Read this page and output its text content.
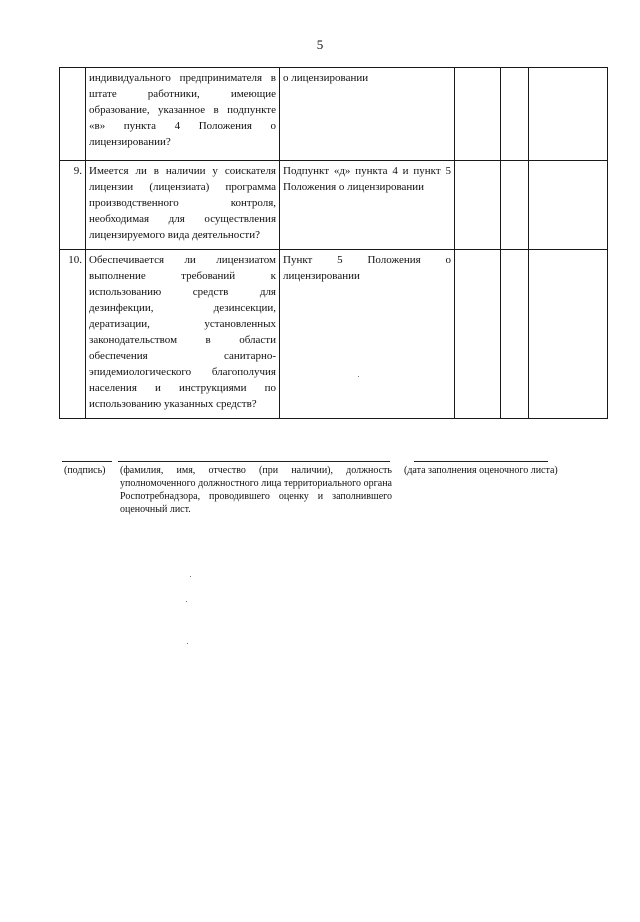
5
	индивидуального предпринимателя в штате работники, имеющие образование, указанное в подпункте «в» пункта 4 Положения о лицензировании?	о лицензировании			
9.	Имеется ли в наличии у соискателя лицензии (лицензиата) программа производственного контроля, необходимая для осуществления лицензируемого вида деятельности?	Подпункт «д» пункта 4 и пункт 5 Положения о лицензировании			
10.	Обеспечивается ли лицензиатом выполнение требований к использованию средств для дезинфекции, дезинсекции, дератизации, установленных законодательством в области обеспечения санитарно-эпидемиологического благополучия населения и инструкциями по использованию указанных средств?	Пункт 5 Положения о лицензировании			
(подпись) (фамилия, имя, отчество (при наличии), должность уполномоченного должностного лица территориального органа Роспотребнадзора, проводившего оценку и заполнившего оценочный лист.
(дата заполнения оценочного листа)
